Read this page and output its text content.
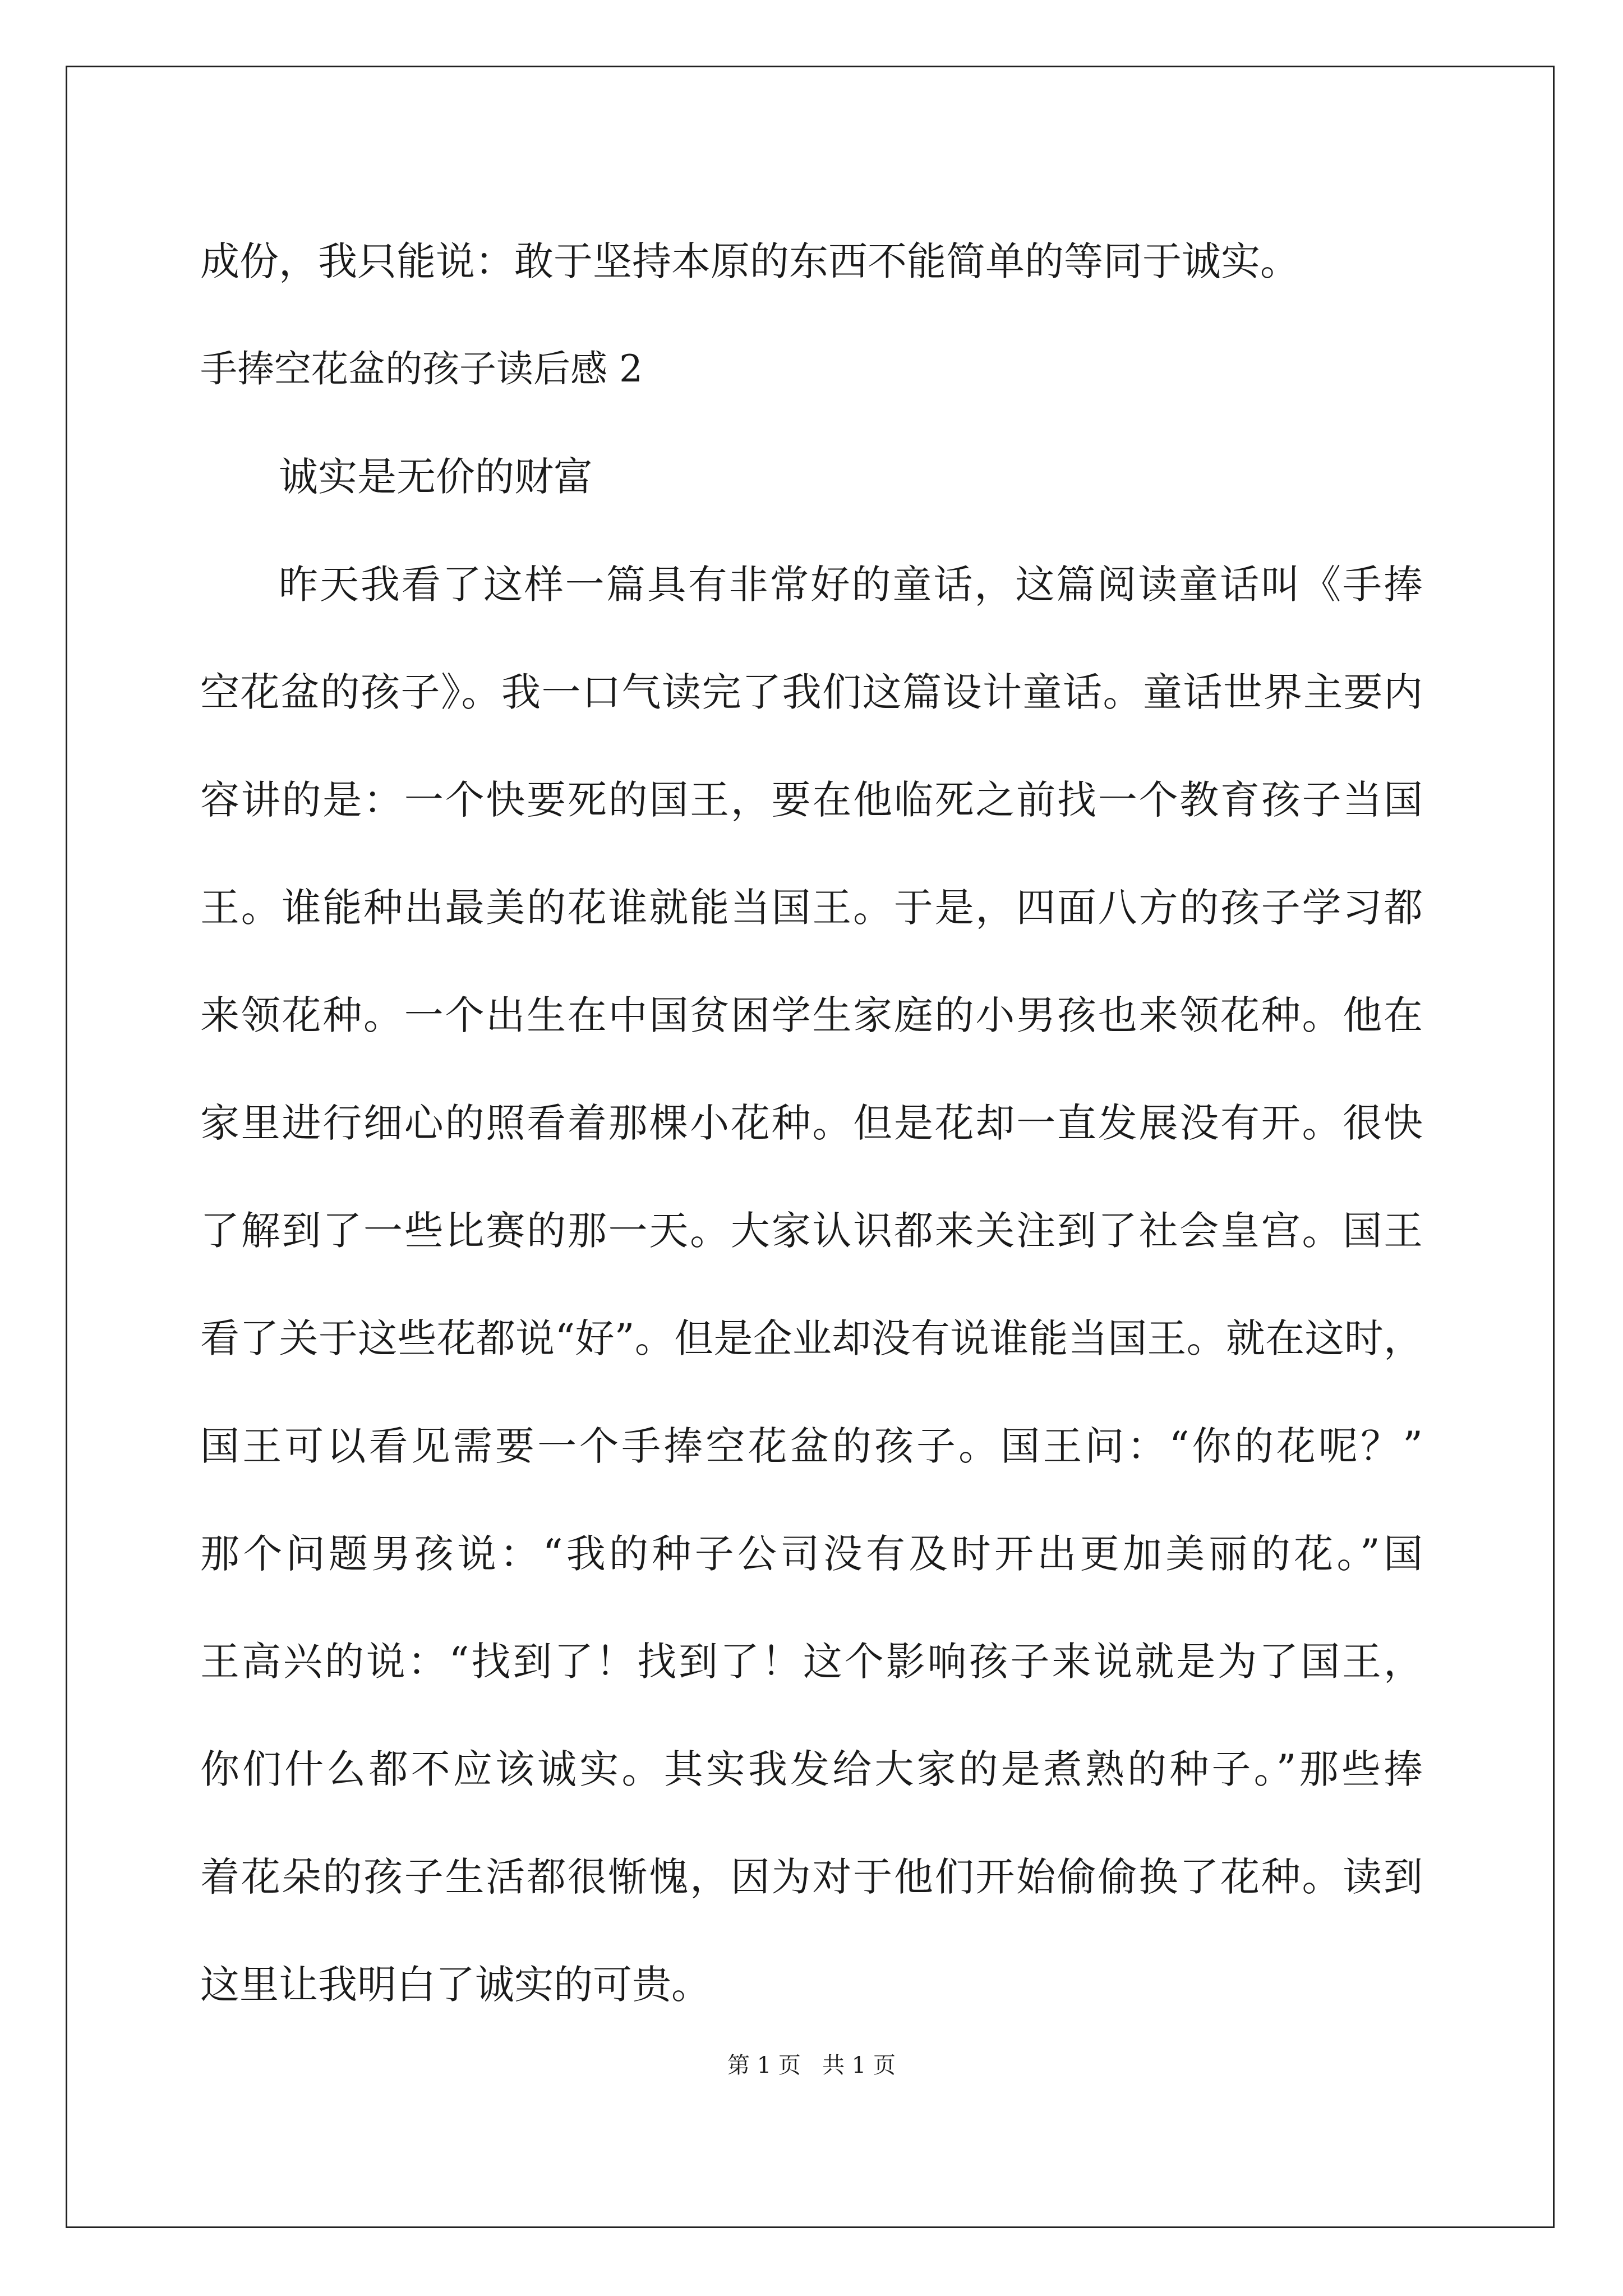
成份，我只能说：敢于坚持本原的东西不能简单的等同于诚实。

手捧空花盆的孩子读后感 2

诚实是无价的财富

昨天我看了这样一篇具有非常好的童话，这篇阅读童话叫《手捧

空花盆的孩子》。我一口气读完了我们这篇设计童话。童话世界主要内

容讲的是：一个快要死的国王，要在他临死之前找一个教育孩子当国

王。谁能种出最美的花谁就能当国王。于是，四面八方的孩子学习都

来领花种。一个出生在中国贫困学生家庭的小男孩也来领花种。他在

家里进行细心的照看着那棵小花种。但是花却一直发展没有开。很快

了解到了一些比赛的那一天。大家认识都来关注到了社会皇宫。国王

看了关于这些花都说“好”。但是企业却没有说谁能当国王。就在这时，

国王可以看见需要一个手捧空花盆的孩子。国王问：“你的花呢？”

那个问题男孩说：“我的种子公司没有及时开出更加美丽的花。”国

王高兴的说：“找到了！找到了！这个影响孩子来说就是为了国王，

你们什么都不应该诚实。其实我发给大家的是煮熟的种子。”那些捧

着花朵的孩子生活都很惭愧，因为对于他们开始偷偷换了花种。读到

这里让我明白了诚实的可贵。

第 1 页   共 1 页
